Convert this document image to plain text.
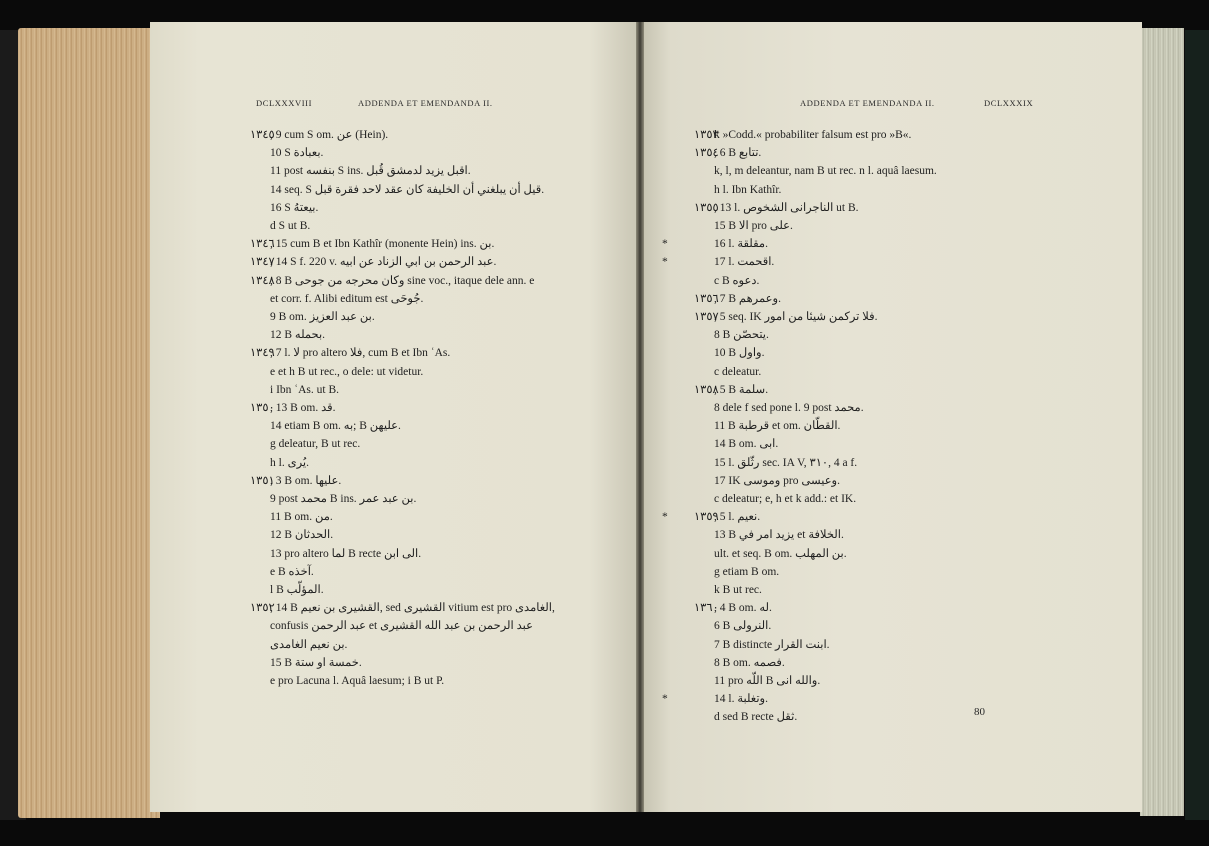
DCLXXXVIII	ADDENDA ET EMENDANDA II.	ADDENDA ET EMENDANDA II.	DCLXXXIX
١٣٤٥, 9 cum S om. عن (Hein).
10 S بعبادة.
11 post بنفسه S ins. اقبل يزيد لدمشق قُبل.
14 seq. S قيل أن يبلغني أن الخليفة كان عقد لاحد فقرة قبل.
16 S بيعتهُ.
d S ut B.
١٣٤٦, 15 cum B et Ibn Kathîr (monente Hein) ins. بن.
١٣٤٧, 14 S f. 220 v. عبد الرحمن بن ابي الزناد عن ابيه.
١٣٤٨, 8 B وكان محرجه من جوحى sine voc., itaque dele ann. e
et corr. f. Alibi editum est جُوحَى.
9 B om. بن عبد العزيز.
12 B بحمله.
١٣٤٩, 7 l. لا pro altero فلا, cum B et Ibn ʿAs.
e et h B ut rec., o dele: ut videtur.
i Ibn ʿAs. ut B.
١٣٥٠, 13 B om. قد.
14 etiam B om. به; B عليهن.
g deleatur, B ut rec.
h l. يُرى.
١٣٥١, 3 B om. عليها.
9 post محمد B ins. بن عبد عمر.
11 B om. من.
12 B الحدثان.
13 pro altero لما B recte الى ابن.
e B آخذه.
l B المؤلّب.
١٣٥٢, 14 B القشيرى بن نعيم, sed القشيرى vitium est pro الغامدى,
confusis عبد الرحمن et عبد الرحمن بن عبد الله القشيرى
بن نعيم الغامدى.
15 B خمسة او ستة.
e pro Lacuna l. Aquâ laesum; i B ut P.
١٣٥٣k »Codd.« probabiliter falsum est pro »B«.
١٣٥٤, 6 B تتابع.
k, l, m deleantur, nam B ut rec. n l. aquâ laesum.
h l. Ibn Kathîr.
١٣٥٥, 13 l. الناجرانى الشخوص ut B.
15 B الا pro على.
*	16 l. مقلقة.
*	17 l. اقحمت.
c B دعوه.
١٣٥٦, 7 B وعمرهم.
١٣٥٧, 5 seq. IK فلا تركمن شيئا من امور.
8 B يتحصّن.
10 B واول.
c deleatur.
١٣٥٨, 5 B سلمة.
8 dele f sed pone l. 9 post محمد.
11 B قرطبة et om. القطّان.
14 B om. ابى.
15 l. رثّلق sec. IA V, ٣١٠, 4 a f.
17 IK وموسى pro وعيسى.
c deleatur; e, h et k add.: et IK.
* ١٣٥٩, 5 l. نعيم.
13 B يزيد امر في et الخلافة.
ult. et seq. B om. بن المهلب.
g etiam B om.
k B ut rec.
١٣٦٠, 4 B om. له.
6 B النرولى.
7 B distincte ابنت القرار.
8 B om. فصمه.
11 pro اللّه B والله انى.
*	14 l. وتغلبة.
d sed B recte ثقل.	80
